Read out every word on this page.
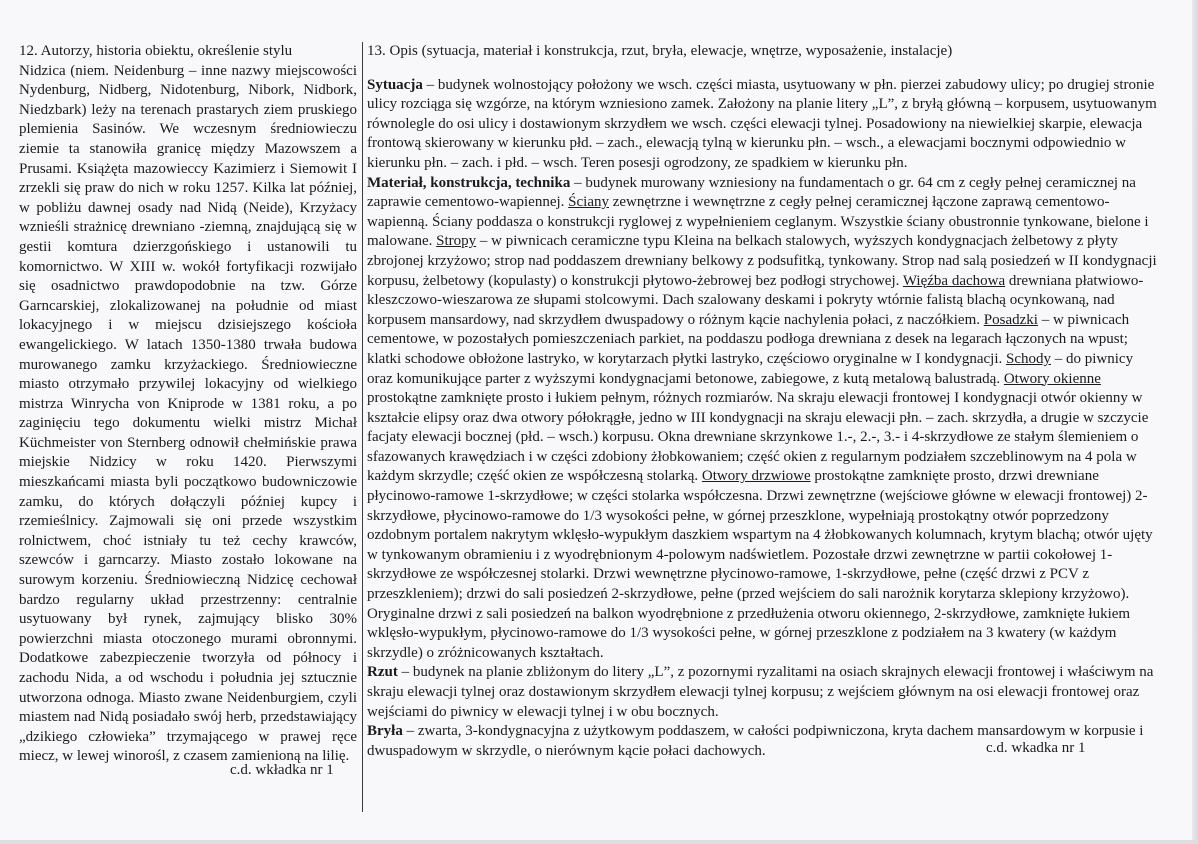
12. Autorzy, historia obiektu, określenie stylu

Nidzica (niem. Neidenburg – inne nazwy miejscowości Nydenburg, Nidberg, Nidotenburg, Nibork, Nidbork, Niedzbark) leży na terenach prastarych ziem pruskiego plemienia Sasinów. We wczesnym średniowieczu ziemie ta stanowiła granicę między Mazowszem a Prusami. Książęta mazowieccy Kazimierz i Siemowit I zrzekli się praw do nich w roku 1257. Kilka lat później, w pobliżu dawnej osady nad Nidą (Neide), Krzyżacy wznieśli strażnicę drewniano -ziemną, znajdującą się w gestii komtura dzierzgońskiego i ustanowili tu komornictwo. W XIII w. wokół fortyfikacji rozwijało się osadnictwo prawdopodobnie na tzw. Górze Garncarskiej, zlokalizowanej na południe od miast lokacyjnego i w miejscu dzisiejszego kościoła ewangelickiego. W latach 1350-1380 trwała budowa murowanego zamku krzyżackiego. Średniowieczne miasto otrzymało przywilej lokacyjny od wielkiego mistrza Winrycha von Kniprode w 1381 roku, a po zaginięciu tego dokumentu wielki mistrz Michał Küchmeister von Sternberg odnowił chełmińskie prawa miejskie Nidzicy w roku 1420. Pierwszymi mieszkańcami miasta byli początkowo budowniczowie zamku, do których dołączyli później kupcy i rzemieślnicy. Zajmowali się oni przede wszystkim rolnictwem, choć istniały tu też cechy krawców, szewców i garncarzy. Miasto zostało lokowane na surowym korzeniu. Średniowieczną Nidzicę cechował bardzo regularny układ przestrzenny: centralnie usytuowany był rynek, zajmujący blisko 30% powierzchni miasta otoczonego murami obronnymi. Dodatkowe zabezpieczenie tworzyła od północy i zachodu Nida, a od wschodu i południa jej sztucznie utworzona odnoga. Miasto zwane Neidenburgiem, czyli miastem nad Nidą posiadało swój herb, przedstawiający „dzikiego człowieka” trzymającego w prawej ręce miecz, w lewej winorośl, z czasem zamienioną na lilię.

13. Opis (sytuacja, materiał i konstrukcja, rzut, bryła, elewacje, wnętrze, wyposażenie, instalacje)

Sytuacja – budynek wolnostojący położony we wsch. części miasta, usytuowany w płn. pierzei zabudowy ulicy; po drugiej stronie ulicy rozciąga się wzgórze, na którym wzniesiono zamek. Założony na planie litery „L”, z bryłą główną – korpusem, usytuowanym równolegle do osi ulicy i dostawionym skrzydłem we wsch. części elewacji tylnej. Posadowiony na niewielkiej skarpie, elewacja frontową skierowany w kierunku płd. – zach., elewacją tylną w kierunku płn. – wsch., a elewacjami bocznymi odpowiednio w kierunku płn. – zach. i płd. – wsch. Teren posesji ogrodzony, ze spadkiem w kierunku płn.

Materiał, konstrukcja, technika – budynek murowany wzniesiony na fundamentach o gr. 64 cm z cegły pełnej ceramicznej na zaprawie cementowo-wapiennej. Ściany zewnętrzne i wewnętrzne z cegły pełnej ceramicznej łączone zaprawą cementowo-wapienną. Ściany poddasza o konstrukcji ryglowej z wypełnieniem ceglanym. Wszystkie ściany obustronnie tynkowane, bielone i malowane. Stropy – w piwnicach ceramiczne typu Kleina na belkach stalowych, wyższych kondygnacjach żelbetowy z płyty zbrojonej krzyżowo; strop nad poddaszem drewniany belkowy z podsufitką, tynkowany. Strop nad salą posiedzeń w II kondygnacji korpusu, żelbetowy (kopulasty) o konstrukcji płytowo-żebrowej bez podłogi strychowej. Więźba dachowa drewniana płatwiowo-kleszczowo-wieszarowa ze słupami stolcowymi. Dach szalowany deskami i pokryty wtórnie falistą blachą ocynkowaną, nad korpusem mansardowy, nad skrzydłem dwuspadowy o różnym kącie nachylenia połaci, z naczółkiem. Posadzki – w piwnicach cementowe, w pozostałych pomieszczeniach parkiet, na poddaszu podłoga drewniana z desek na legarach łączonych na wpust; klatki schodowe obłożone lastryko, w korytarzach płytki lastryko, częściowo oryginalne w I kondygnacji. Schody – do piwnicy oraz komunikujące parter z wyższymi kondygnacjami betonowe, zabiegowe, z kutą metalową balustradą. Otwory okienne prostokątne zamknięte prosto i łukiem pełnym, różnych rozmiarów. Na skraju elewacji frontowej I kondygnacji otwór okienny w kształcie elipsy oraz dwa otwory półokrągłe, jedno w III kondygnacji na skraju elewacji płn. – zach. skrzydła, a drugie w szczycie facjaty elewacji bocznej (płd. – wsch.) korpusu. Okna drewniane skrzynkowe 1.-, 2.-, 3.- i 4-skrzydłowe ze stałym ślemieniem o sfazowanych krawędziach i w części zdobiony żłobkowaniem; część okien z regularnym podziałem szczeblinowym na 4 pola w każdym skrzydle; część okien ze współczesną stolarką. Otwory drzwiowe prostokątne zamknięte prosto, drzwi drewniane płycinowo-ramowe 1-skrzydłowe; w części stolarka współczesna. Drzwi zewnętrzne (wejściowe główne w elewacji frontowej) 2-skrzydłowe, płycinowo-ramowe do 1/3 wysokości pełne, w górnej przeszklone, wypełniają prostokątny otwór poprzedzony ozdobnym portalem nakrytym wklęsło-wypukłym daszkiem wspartym na 4 żłobkowanych kolumnach, krytym blachą; otwór ujęty w tynkowanym obramieniu i z wyodrębnionym 4-polowym nadświetlem. Pozostałe drzwi zewnętrzne w partii cokołowej 1-skrzydłowe ze współczesnej stolarki. Drzwi wewnętrzne płycinowo-ramowe, 1-skrzydłowe, pełne (część drzwi z PCV z przeszkleniem); drzwi do sali posiedzeń 2-skrzydłowe, pełne (przed wejściem do sali narożnik korytarza sklepiony krzyżowo). Oryginalne drzwi z sali posiedzeń na balkon wyodrębnione z przedłużenia otworu okiennego, 2-skrzydłowe, zamknięte łukiem wklęsło-wypukłym, płycinowo-ramowe do 1/3 wysokości pełne, w górnej przeszklone z podziałem na 3 kwatery (w każdym skrzydle) o zróżnicowanych kształtach.

Rzut – budynek na planie zbliżonym do litery „L”, z pozornymi ryzalitami na osiach skrajnych elewacji frontowej i właściwym na skraju elewacji tylnej oraz dostawionym skrzydłem elewacji tylnej korpusu; z wejściem głównym na osi elewacji frontowej oraz wejściami do piwnicy w elewacji tylnej i w obu bocznych.

Bryła – zwarta, 3-kondygnacyjna z użytkowym poddaszem, w całości podpiwniczona, kryta dachem mansardowym w korpusie i dwuspadowym w skrzydle, o nierównym kącie połaci dachowych.

c.d. wkładka nr 1
c.d. wkadka nr 1
